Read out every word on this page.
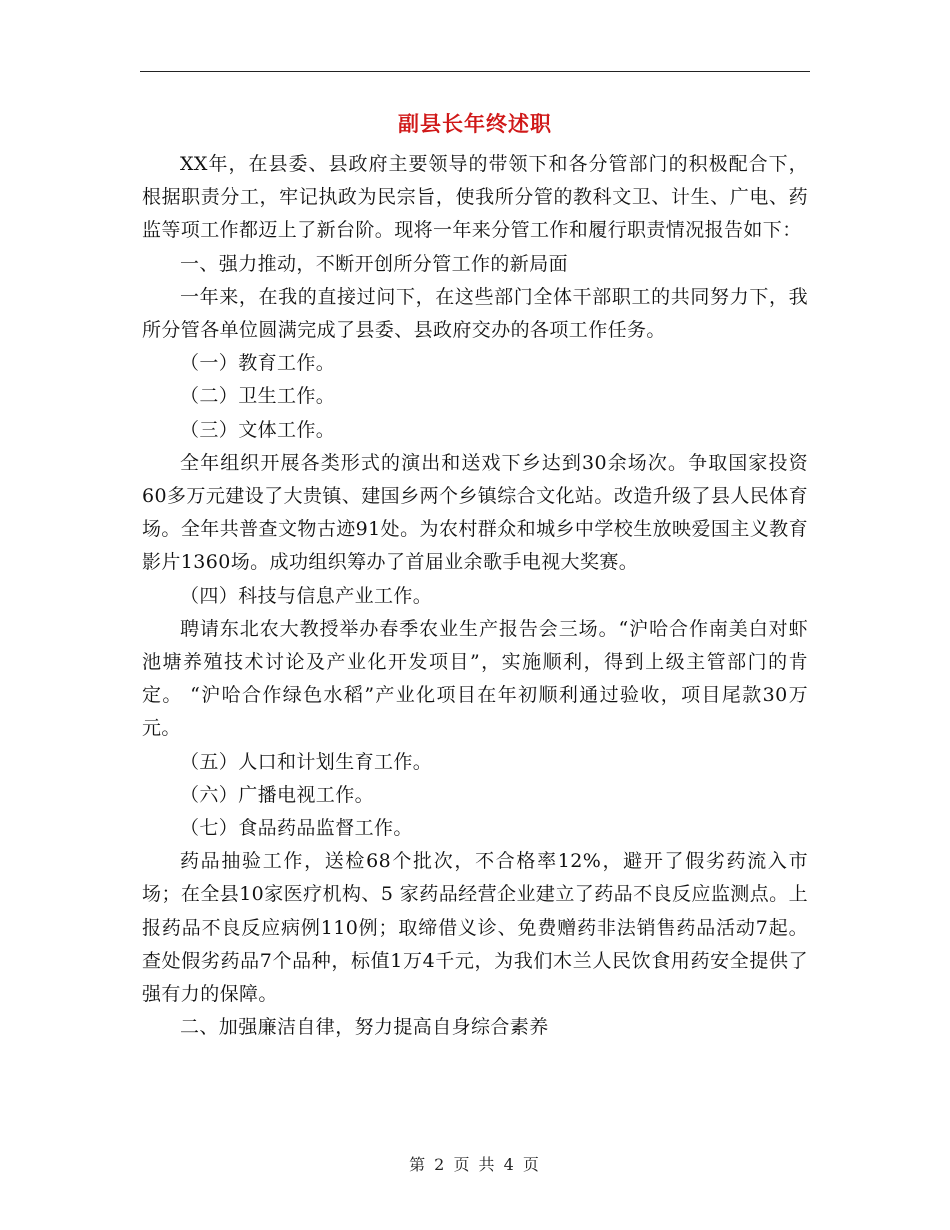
副县长年终述职

XX年，在县委、县政府主要领导的带领下和各分管部门的积极配合下，根据职责分工，牢记执政为民宗旨，使我所分管的教科文卫、计生、广电、药监等项工作都迈上了新台阶。现将一年来分管工作和履行职责情况报告如下：

一、强力推动，不断开创所分管工作的新局面

一年来，在我的直接过问下，在这些部门全体干部职工的共同努力下，我所分管各单位圆满完成了县委、县政府交办的各项工作任务。

（一）教育工作。

（二）卫生工作。

（三）文体工作。

全年组织开展各类形式的演出和送戏下乡达到30余场次。争取国家投资60多万元建设了大贵镇、建国乡两个乡镇综合文化站。改造升级了县人民体育场。全年共普查文物古迹91处。为农村群众和城乡中学校生放映爱国主义教育影片1360场。成功组织筹办了首届业余歌手电视大奖赛。

（四）科技与信息产业工作。

聘请东北农大教授举办春季农业生产报告会三场。“沪哈合作南美白对虾池塘养殖技术讨论及产业化开发项目”，实施顺利，得到上级主管部门的肯定。 “沪哈合作绿色水稻”产业化项目在年初顺利通过验收，项目尾款30万元。

（五）人口和计划生育工作。

（六）广播电视工作。

（七）食品药品监督工作。

药品抽验工作，送检68个批次，不合格率12%，避开了假劣药流入市场；在全县10家医疗机构、5 家药品经营企业建立了药品不良反应监测点。上报药品不良反应病例110例；取缔借义诊、免费赠药非法销售药品活动7起。查处假劣药品7个品种，标值1万4千元，为我们木兰人民饮食用药安全提供了强有力的保障。

二、加强廉洁自律，努力提高自身综合素养

第 2 页 共 4 页
